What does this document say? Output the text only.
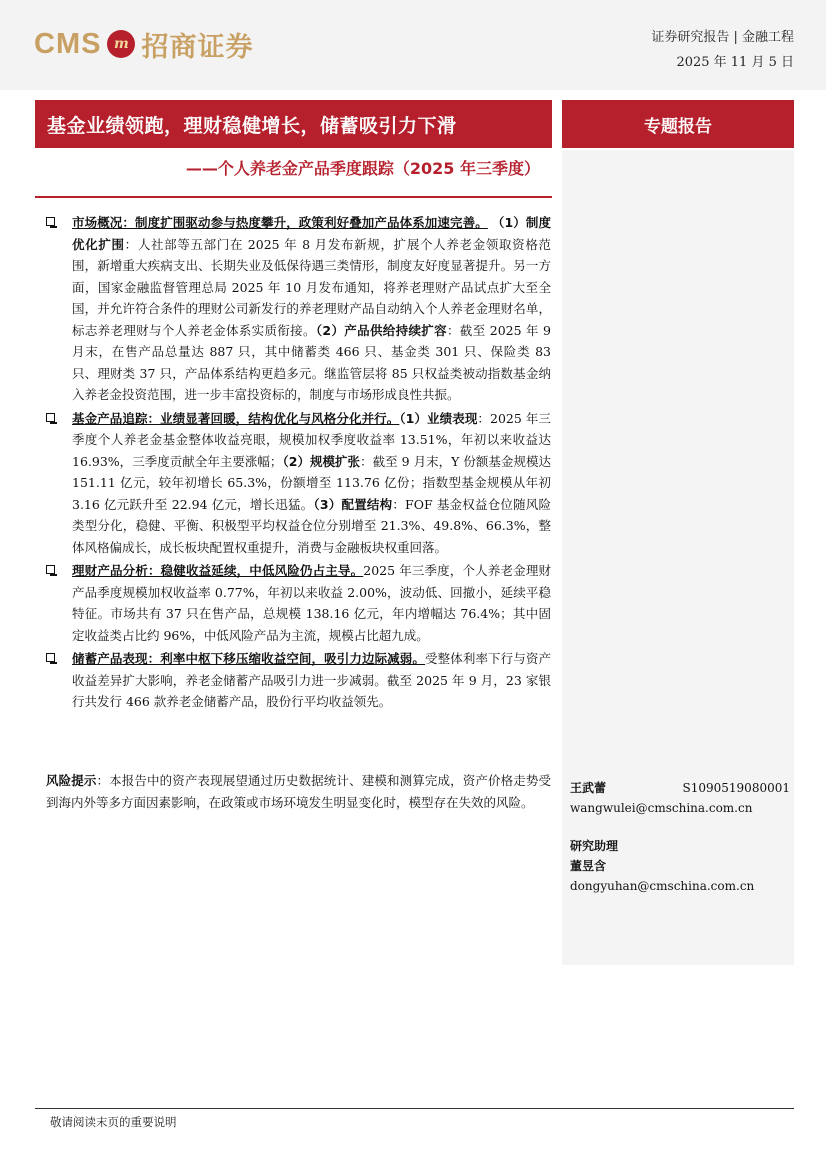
CMS m 招商证券	证券研究报告 | 金融工程
2025 年 11 月 5 日
基金业绩领跑，理财稳健增长，储蓄吸引力下滑
——个人养老金产品季度跟踪（2025 年三季度）
专题报告
市场概况：制度扩围驱动参与热度攀升，政策利好叠加产品体系加速完善。 （1）制度优化扩围：人社部等五部门在 2025 年 8 月发布新规，扩展个人养老金领取资格范围，新增重大疾病支出、长期失业及低保待遇三类情形，制度友好度显著提升。另一方面，国家金融监督管理总局 2025 年 10 月发布通知，将养老理财产品试点扩大至全国，并允许符合条件的理财公司新发行的养老理财产品自动纳入个人养老金理财名单，标志养老理财与个人养老金体系实质衔接。（2）产品供给持续扩容：截至 2025 年 9 月末，在售产品总量达 887 只，其中储蓄类 466 只、基金类 301 只、保险类 83 只、理财类 37 只，产品体系结构更趋多元。继监管层将 85 只权益类被动指数基金纳入养老金投资范围，进一步丰富投资标的，制度与市场形成良性共振。
基金产品追踪：业绩显著回暖，结构优化与风格分化并行。（1）业绩表现：2025 年三季度个人养老金基金整体收益亮眼，规模加权季度收益率 13.51%，年初以来收益达 16.93%，三季度贡献全年主要涨幅；（2）规模扩张：截至 9 月末，Y 份额基金规模达 151.11 亿元，较年初增长 65.3%，份额增至 113.76 亿份；指数型基金规模从年初 3.16 亿元跃升至 22.94 亿元，增长迅猛。（3）配置结构：FOF 基金权益仓位随风险类型分化，稳健、平衡、积极型平均权益仓位分别增至 21.3%、49.8%、66.3%，整体风格偏成长，成长板块配置权重提升，消费与金融板块权重回落。
理财产品分析：稳健收益延续，中低风险仍占主导。2025 年三季度，个人养老金理财产品季度规模加权收益率 0.77%，年初以来收益 2.00%，波动低、回撤小，延续平稳特征。市场共有 37 只在售产品，总规模 138.16 亿元，年内增幅达 76.4%；其中固定收益类占比约 96%，中低风险产品为主流，规模占比超九成。
储蓄产品表现：利率中枢下移压缩收益空间，吸引力边际减弱。受整体利率下行与资产收益差异扩大影响，养老金储蓄产品吸引力进一步减弱。截至 2025 年 9 月，23 家银行共发行 466 款养老金储蓄产品，股份行平均收益领先。
风险提示：本报告中的资产表现展望通过历史数据统计、建模和测算完成，资产价格走势受到海内外等多方面因素影响，在政策或市场环境发生明显变化时，模型存在失效的风险。
王武蕾	S1090519080001
wangwulei@cmschina.com.cn
研究助理
董昱含
dongyuhan@cmschina.com.cn
敬请阅读末页的重要说明
